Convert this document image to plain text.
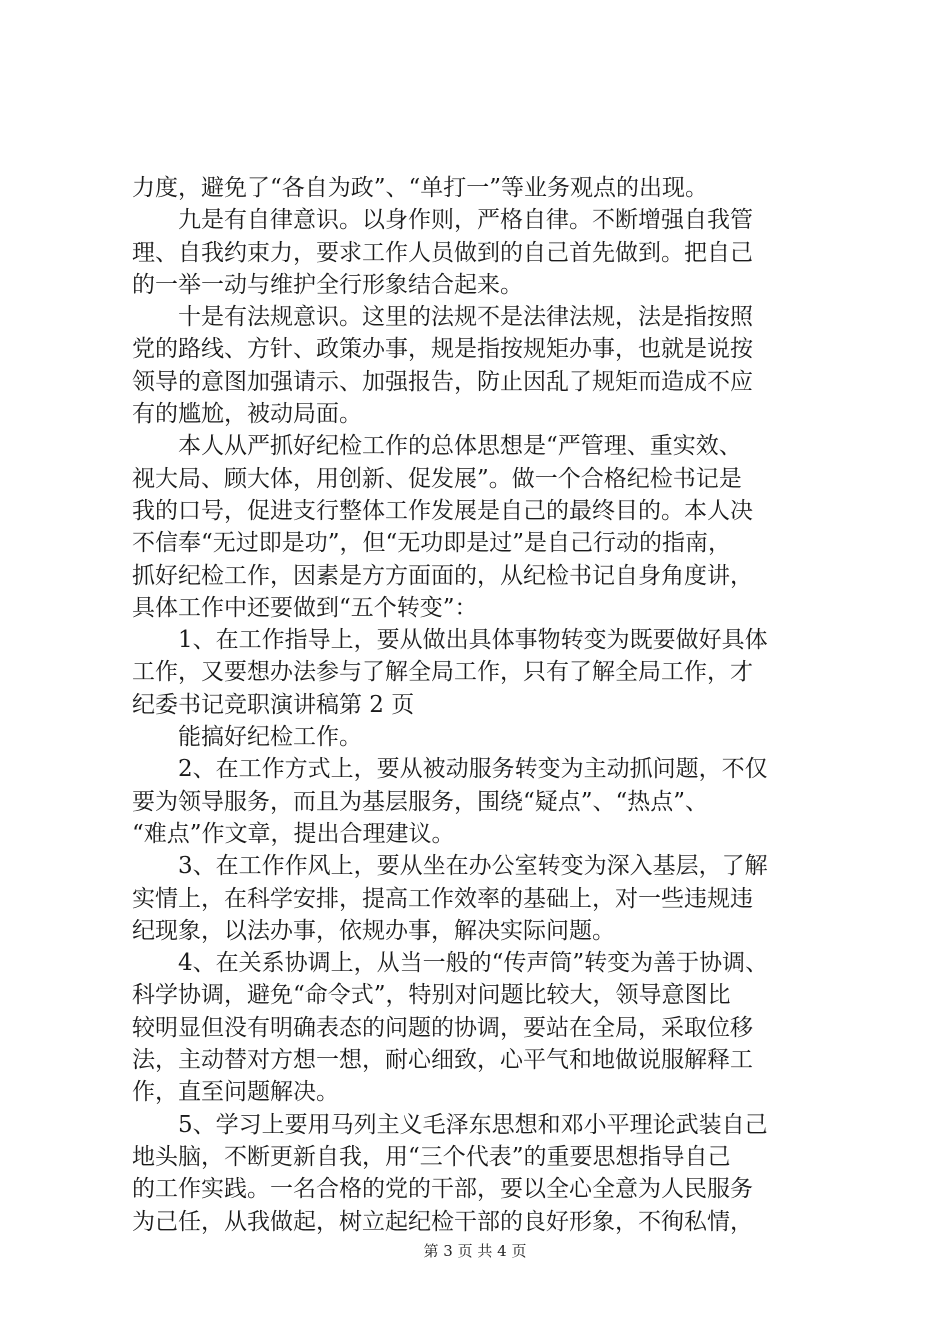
力度，避免了“各自为政”、“单打一”等业务观点的出现。
　　九是有自律意识。以身作则，严格自律。不断增强自我管
理、自我约束力，要求工作人员做到的自己首先做到。把自己
的一举一动与维护全行形象结合起来。
　　十是有法规意识。这里的法规不是法律法规，法是指按照
党的路线、方针、政策办事，规是指按规矩办事，也就是说按
领导的意图加强请示、加强报告，防止因乱了规矩而造成不应
有的尴尬，被动局面。
　　本人从严抓好纪检工作的总体思想是“严管理、重实效、
视大局、顾大体，用创新、促发展”。做一个合格纪检书记是
我的口号，促进支行整体工作发展是自己的最终目的。本人决
不信奉“无过即是功”，但“无功即是过”是自己行动的指南，
抓好纪检工作，因素是方方面面的，从纪检书记自身角度讲，
具体工作中还要做到“五个转变”：
　　1、在工作指导上，要从做出具体事物转变为既要做好具体
工作，又要想办法参与了解全局工作，只有了解全局工作，才
纪委书记竞职演讲稿第 2 页
　　能搞好纪检工作。
　　2、在工作方式上，要从被动服务转变为主动抓问题，不仅
要为领导服务，而且为基层服务，围绕“疑点”、“热点”、
“难点”作文章，提出合理建议。
　　3、在工作作风上，要从坐在办公室转变为深入基层，了解
实情上，在科学安排，提高工作效率的基础上，对一些违规违
纪现象，以法办事，依规办事，解决实际问题。
　　4、在关系协调上，从当一般的“传声筒”转变为善于协调、
科学协调，避免“命令式”，特别对问题比较大，领导意图比
较明显但没有明确表态的问题的协调，要站在全局，采取位移
法，主动替对方想一想，耐心细致，心平气和地做说服解释工
作，直至问题解决。
　　5、学习上要用马列主义毛泽东思想和邓小平理论武装自己
地头脑，不断更新自我，用“三个代表”的重要思想指导自己
的工作实践。一名合格的党的干部，要以全心全意为人民服务
为己任，从我做起，树立起纪检干部的良好形象，不徇私情，
第 3 页 共 4 页
